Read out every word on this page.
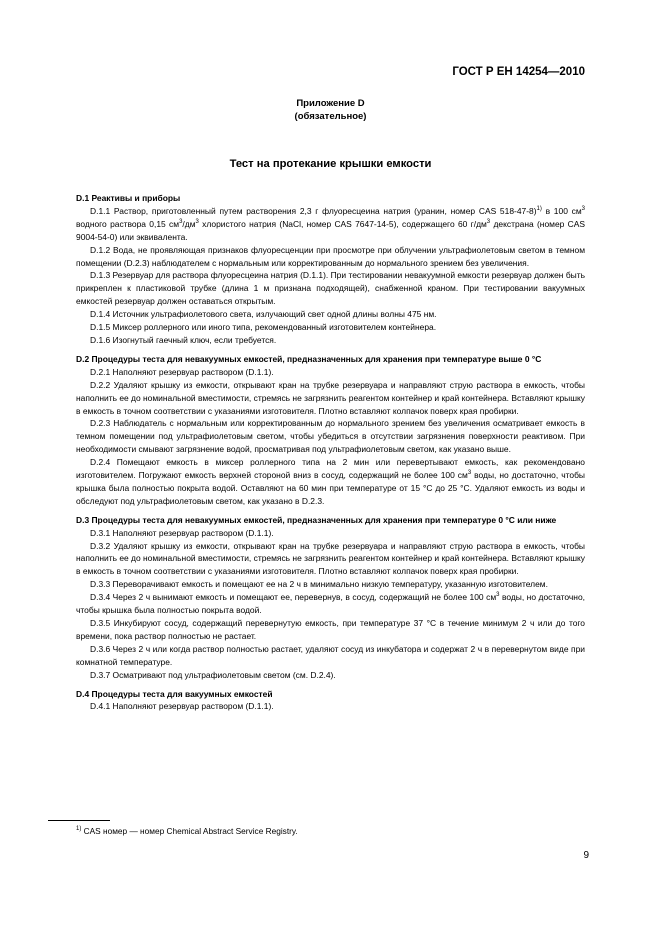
ГОСТ Р ЕН 14254—2010
Приложение D
(обязательное)
Тест на протекание крышки емкости

D.1 Реактивы и приборы

D.1.1 Раствор, приготовленный путем растворения 2,3 г флуоресцеина натрия (уранин, номер CAS 518-47-8)$^{1)}$ в 100 $см^3$ водного раствора 0,15 $см^3/дм^3$ хлористого натрия (NaCl, номер CAS 7647-14-5), содержащего 60 $г/дм^3$ декстрана (номер CAS 9004-54-0) или эквивалента.

D.1.2 Вода, не проявляющая признаков флуоресценции при просмотре при облучении ультрафиолетовым светом в темном помещении (D.2.3) наблюдателем с нормальным или корректированным до нормального зрением без увеличения.

D.1.3 Резервуар для раствора флуоресцеина натрия (D.1.1). При тестировании невакуумной емкости резервуар должен быть прикреплен к пластиковой трубке (длина 1 м признана подходящей), снабженной краном. При тестировании вакуумных емкостей резервуар должен оставаться открытым.

D.1.4 Источник ультрафиолетового света, излучающий свет одной длины волны 475 нм.

D.1.5 Миксер роллерного или иного типа, рекомендованный изготовителем контейнера.

D.1.6 Изогнутый гаечный ключ, если требуется.

D.2 Процедуры теста для невакуумных емкостей, предназначенных для хранения при температуре выше 0 °С

D.2.1 Наполняют резервуар раствором (D.1.1).

D.2.2 Удаляют крышку из емкости, открывают кран на трубке резервуара и направляют струю раствора в емкость, чтобы наполнить ее до номинальной вместимости, стремясь не загрязнить реагентом контейнер и край контейнера. Вставляют крышку в емкость в точном соответствии с указаниями изготовителя. Плотно вставляют колпачок поверх края пробирки.

D.2.3 Наблюдатель с нормальным или корректированным до нормального зрением без увеличения осматривает емкость в темном помещении под ультрафиолетовым светом, чтобы убедиться в отсутствии загрязнения поверхности реактивом. При необходимости смывают загрязнение водой, просматривая под ультрафиолетовым светом, как указано выше.

D.2.4 Помещают емкость в миксер роллерного типа на 2 мин или перевертывают емкость, как рекомендовано изготовителем. Погружают емкость верхней стороной вниз в сосуд, содержащий не более 100 $см^3$ воды, но достаточно, чтобы крышка была полностью покрыта водой. Оставляют на 60 мин при температуре от 15 °С до 25 °С. Удаляют емкость из воды и обследуют под ультрафиолетовым светом, как указано в D.2.3.

D.3 Процедуры теста для невакуумных емкостей, предназначенных для хранения при температуре 0 °С или ниже

D.3.1 Наполняют резервуар раствором (D.1.1).

D.3.2 Удаляют крышку из емкости, открывают кран на трубке резервуара и направляют струю раствора в емкость, чтобы наполнить ее до номинальной вместимости, стремясь не загрязнить реагентом контейнер и край контейнера. Вставляют крышку в емкость в точном соответствии с указаниями изготовителя. Плотно вставляют колпачок поверх края пробирки.

D.3.3 Переворачивают емкость и помещают ее на 2 ч в минимально низкую температуру, указанную изготовителем.

D.3.4 Через 2 ч вынимают емкость и помещают ее, перевернув, в сосуд, содержащий не более 100 $см^3$ воды, но достаточно, чтобы крышка была полностью покрыта водой.

D.3.5 Инкубируют сосуд, содержащий перевернутую емкость, при температуре 37 °С в течение минимум 2 ч или до того времени, пока раствор полностью не растает.

D.3.6 Через 2 ч или когда раствор полностью растает, удаляют сосуд из инкубатора и содержат 2 ч в перевернутом виде при комнатной температуре.

D.3.7 Осматривают под ультрафиолетовым светом (см. D.2.4).

D.4 Процедуры теста для вакуумных емкостей

D.4.1 Наполняют резервуар раствором (D.1.1).

$^{1)}$ CAS номер — номер Chemical Abstract Service Registry.
9
